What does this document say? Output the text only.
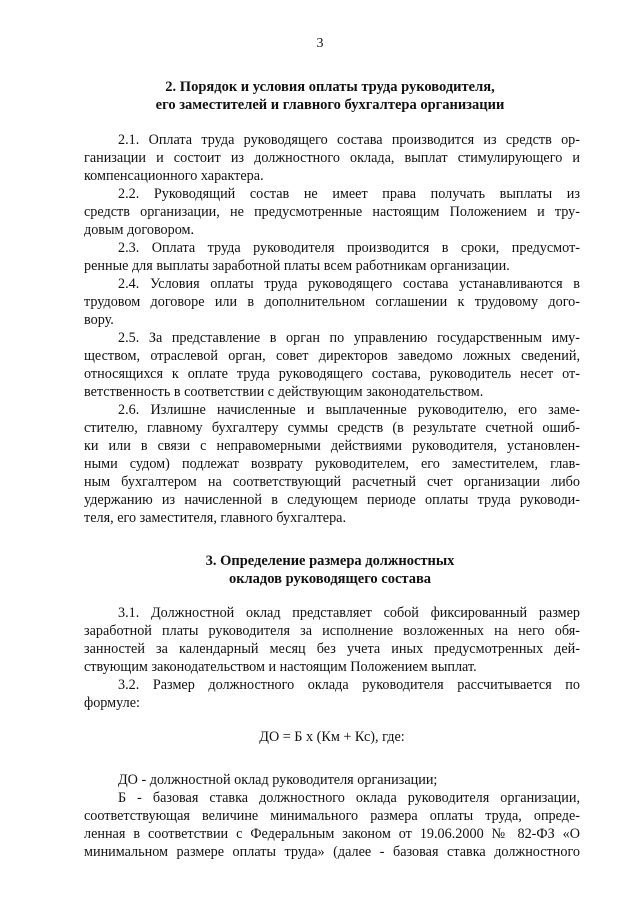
3
2. Порядок и условия оплаты труда руководителя,
его заместителей и главного бухгалтера организации
2.1. Оплата труда руководящего состава производится из средств ор-
ганизации и состоит из должностного оклада, выплат стимулирующего и
компенсационного характера.
2.2. Руководящий состав не имеет права получать выплаты из
средств организации, не предусмотренные настоящим Положением и тру-
довым договором.
2.3. Оплата труда руководителя производится в сроки, предусмот-
ренные для выплаты заработной платы всем работникам организации.
2.4. Условия оплаты труда руководящего состава устанавливаются в
трудовом договоре или в дополнительном соглашении к трудовому дого-
вору.
2.5. За представление в орган по управлению государственным иму-
ществом, отраслевой орган, совет директоров заведомо ложных сведений,
относящихся к оплате труда руководящего состава, руководитель несет от-
ветственность в соответствии с действующим законодательством.
2.6. Излишне начисленные и выплаченные руководителю, его заме-
стителю, главному бухгалтеру суммы средств (в результате счетной ошиб-
ки или в связи с неправомерными действиями руководителя, установлен-
ными судом) подлежат возврату руководителем, его заместителем, глав-
ным бухгалтером на соответствующий расчетный счет организации либо
удержанию из начисленной в следующем периоде оплаты труда руководи-
теля, его заместителя, главного бухгалтера.
3. Определение размера должностных
окладов руководящего состава
3.1. Должностной оклад представляет собой фиксированный размер
заработной платы руководителя за исполнение возложенных на него обя-
занностей за календарный месяц без учета иных предусмотренных дей-
ствующим законодательством и настоящим Положением выплат.
3.2. Размер должностного оклада руководителя рассчитывается по
формуле:
ДО = Б х (Км + Кс), где:
ДО - должностной оклад руководителя организации;
Б - базовая ставка должностного оклада руководителя организации,
соответствующая величине минимального размера оплаты труда, опреде-
ленная в соответствии с Федеральным законом от 19.06.2000 № 82-ФЗ «О
минимальном размере оплаты труда» (далее - базовая ставка должностного
